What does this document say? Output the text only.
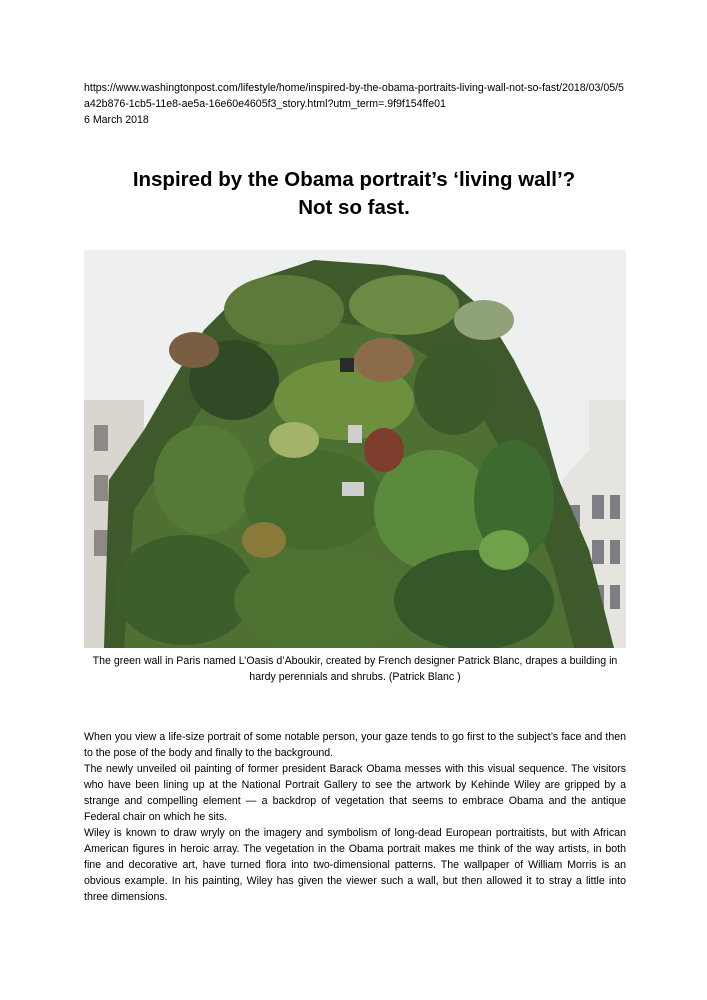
https://www.washingtonpost.com/lifestyle/home/inspired-by-the-obama-portraits-living-wall-not-so-fast/2018/03/05/5a42b876-1cb5-11e8-ae5a-16e60e4605f3_story.html?utm_term=.9f9f154ffe01
6 March 2018
Inspired by the Obama portrait’s ‘living wall’?
Not so fast.
The green wall in Paris named L’Oasis d’Aboukir, created by French designer Patrick Blanc, drapes a building in hardy perennials and shrubs. (Patrick Blanc )

When you view a life-size portrait of some notable person, your gaze tends to go first to the subject’s face and then to the pose of the body and finally to the background.

The newly unveiled oil painting of former president Barack Obama messes with this visual sequence. The visitors who have been lining up at the National Portrait Gallery to see the artwork by Kehinde Wiley are gripped by a strange and compelling element — a backdrop of vegetation that seems to embrace Obama and the antique Federal chair on which he sits.

Wiley is known to draw wryly on the imagery and symbolism of long-dead European portraitists, but with African American figures in heroic array. The vegetation in the Obama portrait makes me think of the way artists, in both fine and decorative art, have turned flora into two-dimensional patterns. The wallpaper of William Morris is an obvious example. In his painting, Wiley has given the viewer such a wall, but then allowed it to stray a little into three dimensions.
